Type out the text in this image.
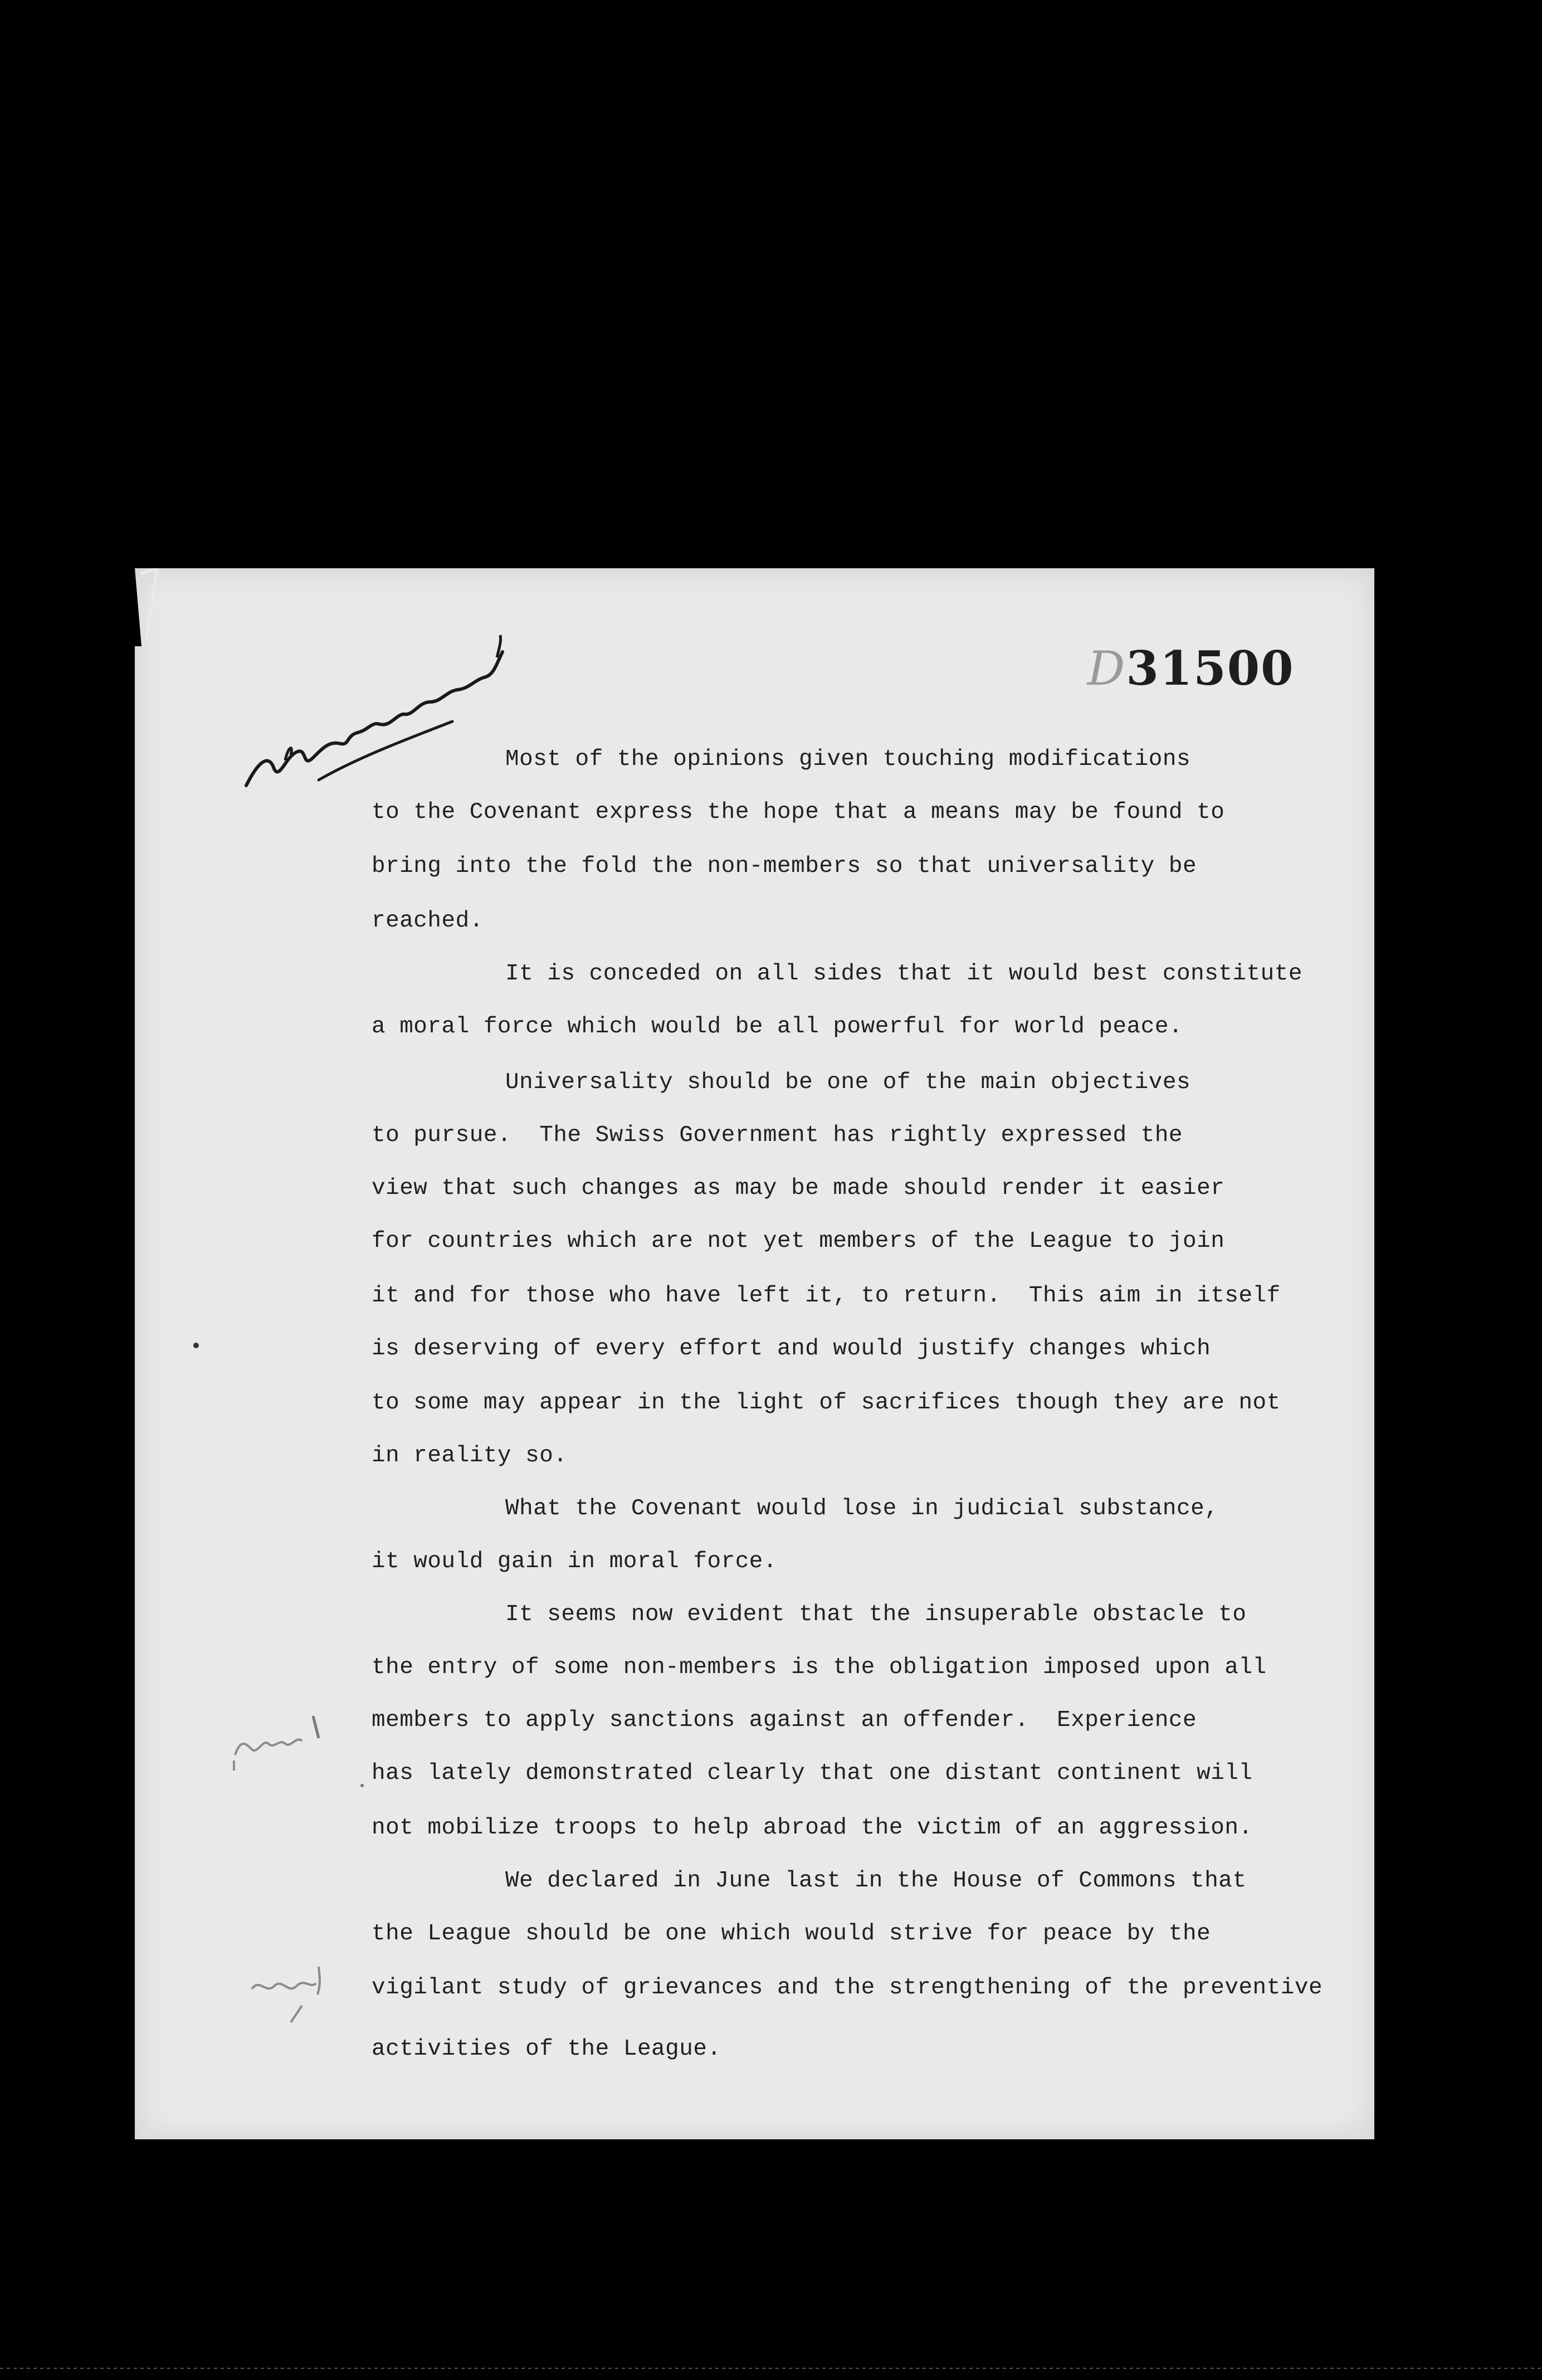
D31500
Most of the opinions given touching modifications
to the Covenant express the hope that a means may be found to
bring into the fold the non-members so that universality be
reached.
It is conceded on all sides that it would best constitute
a moral force which would be all powerful for world peace.
Universality should be one of the main objectives
to pursue.  The Swiss Government has rightly expressed the
view that such changes as may be made should render it easier
for countries which are not yet members of the League to join
it and for those who have left it, to return.  This aim in itself
is deserving of every effort and would justify changes which
to some may appear in the light of sacrifices though they are not
in reality so.
What the Covenant would lose in judicial substance,
it would gain in moral force.
It seems now evident that the insuperable obstacle to
the entry of some non-members is the obligation imposed upon all
members to apply sanctions against an offender.  Experience
has lately demonstrated clearly that one distant continent will
not mobilize troops to help abroad the victim of an aggression.
We declared in June last in the House of Commons that
the League should be one which would strive for peace by the
vigilant study of grievances and the strengthening of the preventive
activities of the League.
